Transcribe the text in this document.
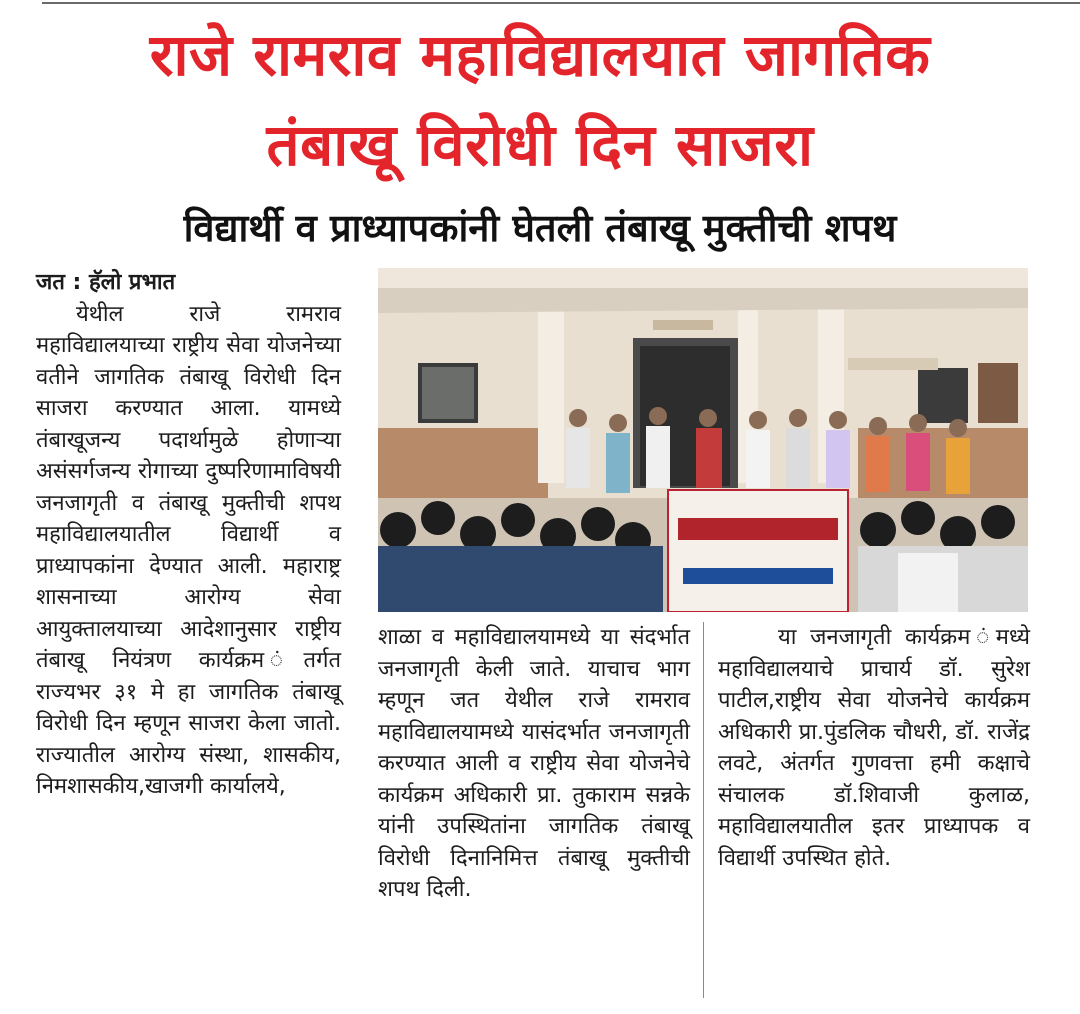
राजे रामराव महाविद्यालयात जागतिक
तंबाखू विरोधी दिन साजरा
विद्यार्थी व प्राध्यापकांनी घेतली तंबाखू मुक्तीची शपथ
जत : हॅलो प्रभात

येथील राजे रामराव महाविद्यालयाच्या राष्ट्रीय सेवा योजनेच्या वतीने जागतिक तंबाखू विरोधी दिन साजरा करण्यात आला. यामध्ये तंबाखूजन्य पदार्थामुळे होणाऱ्या असंसर्गजन्य रोगाच्या दुष्परिणामाविषयी जनजागृती व तंबाखू मुक्तीची शपथ महाविद्यालयातील विद्यार्थी व प्राध्यापकांना देण्यात आली. महाराष्ट्र शासनाच्या आरोग्य सेवा आयुक्तालयाच्या आदेशानुसार राष्ट्रीय तंबाखू नियंत्रण कार्यक्रम ंतर्गत राज्यभर ३१ मे हा जागतिक तंबाखू विरोधी दिन म्हणून साजरा केला जातो. राज्यातील आरोग्य संस्था, शासकीय, निमशासकीय,खाजगी कार्यालये,

शाळा व महाविद्यालयामध्ये या संदर्भात जनजागृती केली जाते. याचाच भाग म्हणून जत येथील राजे रामराव महाविद्यालयामध्ये यासंदर्भात जनजागृती करण्यात आली व राष्ट्रीय सेवा योजनेचे कार्यक्रम अधिकारी प्रा. तुकाराम सन्नके यांनी उपस्थितांना जागतिक तंबाखू विरोधी दिनानिमित्त तंबाखू मुक्तीची शपथ दिली.

या जनजागृती कार्यक्रम ंमध्ये महाविद्यालयाचे प्राचार्य डॉ. सुरेश पाटील,राष्ट्रीय सेवा योजनेचे कार्यक्रम अधिकारी प्रा.पुंडलिक चौधरी, डॉ. राजेंद्र लवटे, अंतर्गत गुणवत्ता हमी कक्षाचे संचालक डॉ.शिवाजी कुलाळ, महाविद्यालयातील इतर प्राध्यापक व विद्यार्थी उपस्थित होते.
